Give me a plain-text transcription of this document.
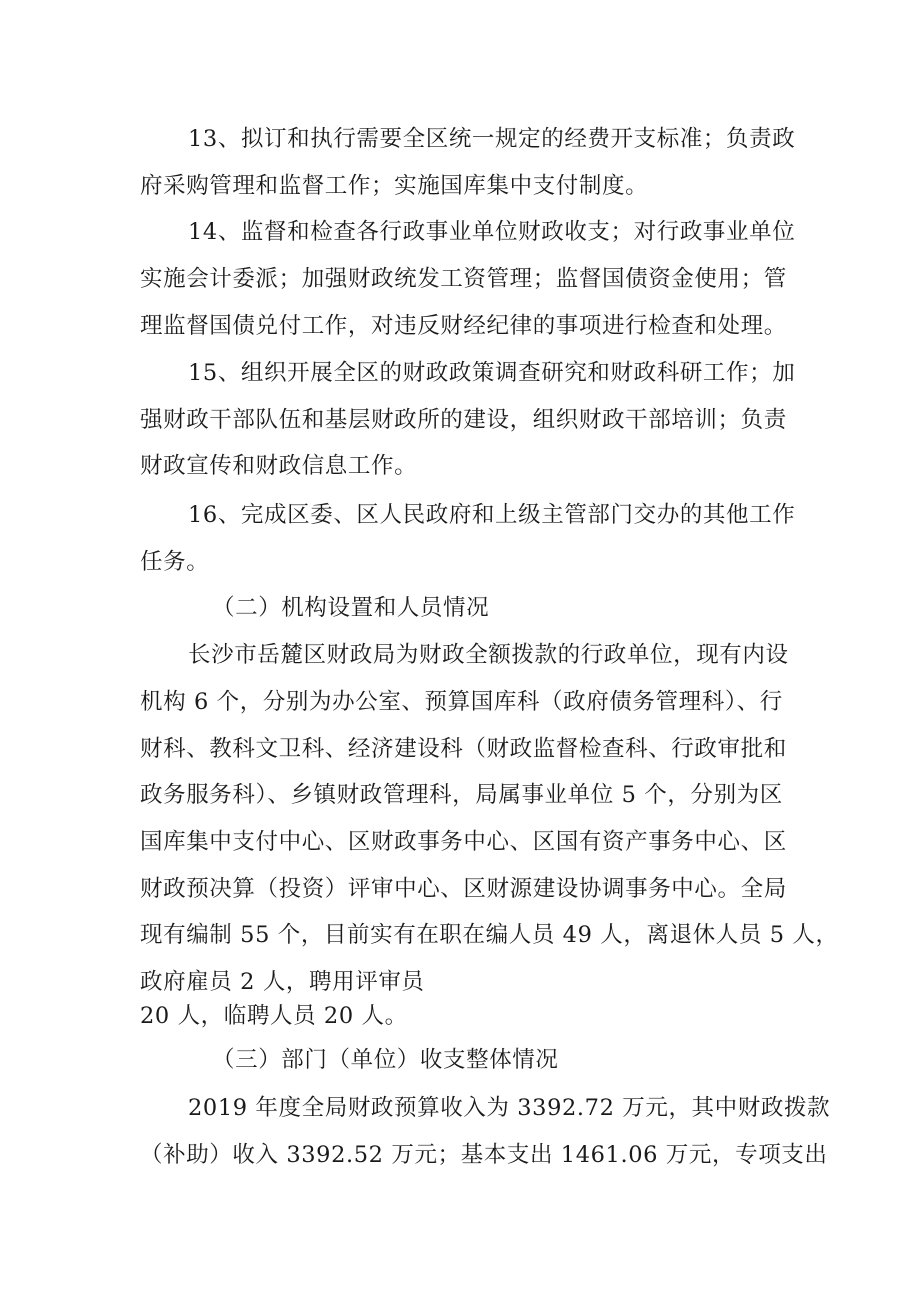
13、拟订和执行需要全区统一规定的经费开支标准；负责政
府采购管理和监督工作；实施国库集中支付制度。
14、监督和检查各行政事业单位财政收支；对行政事业单位
实施会计委派；加强财政统发工资管理；监督国债资金使用；管
理监督国债兑付工作，对违反财经纪律的事项进行检查和处理。
15、组织开展全区的财政政策调查研究和财政科研工作；加
强财政干部队伍和基层财政所的建设，组织财政干部培训；负责
财政宣传和财政信息工作。
16、完成区委、区人民政府和上级主管部门交办的其他工作
任务。
（二）机构设置和人员情况
长沙市岳麓区财政局为财政全额拨款的行政单位，现有内设
机构 6 个，分别为办公室、预算国库科（政府债务管理科）、行
财科、教科文卫科、经济建设科（财政监督检查科、行政审批和
政务服务科）、乡镇财政管理科，局属事业单位 5 个，分别为区
国库集中支付中心、区财政事务中心、区国有资产事务中心、区
财政预决算（投资）评审中心、区财源建设协调事务中心。全局
现有编制 55 个，目前实有在职在编人员 49 人，离退休人员 5 人，
政府雇员 2 人，聘用评审员
20 人，临聘人员 20 人。
（三）部门（单位）收支整体情况
2019 年度全局财政预算收入为 3392.72 万元，其中财政拨款
（补助）收入 3392.52 万元；基本支出 1461.06 万元，专项支出
